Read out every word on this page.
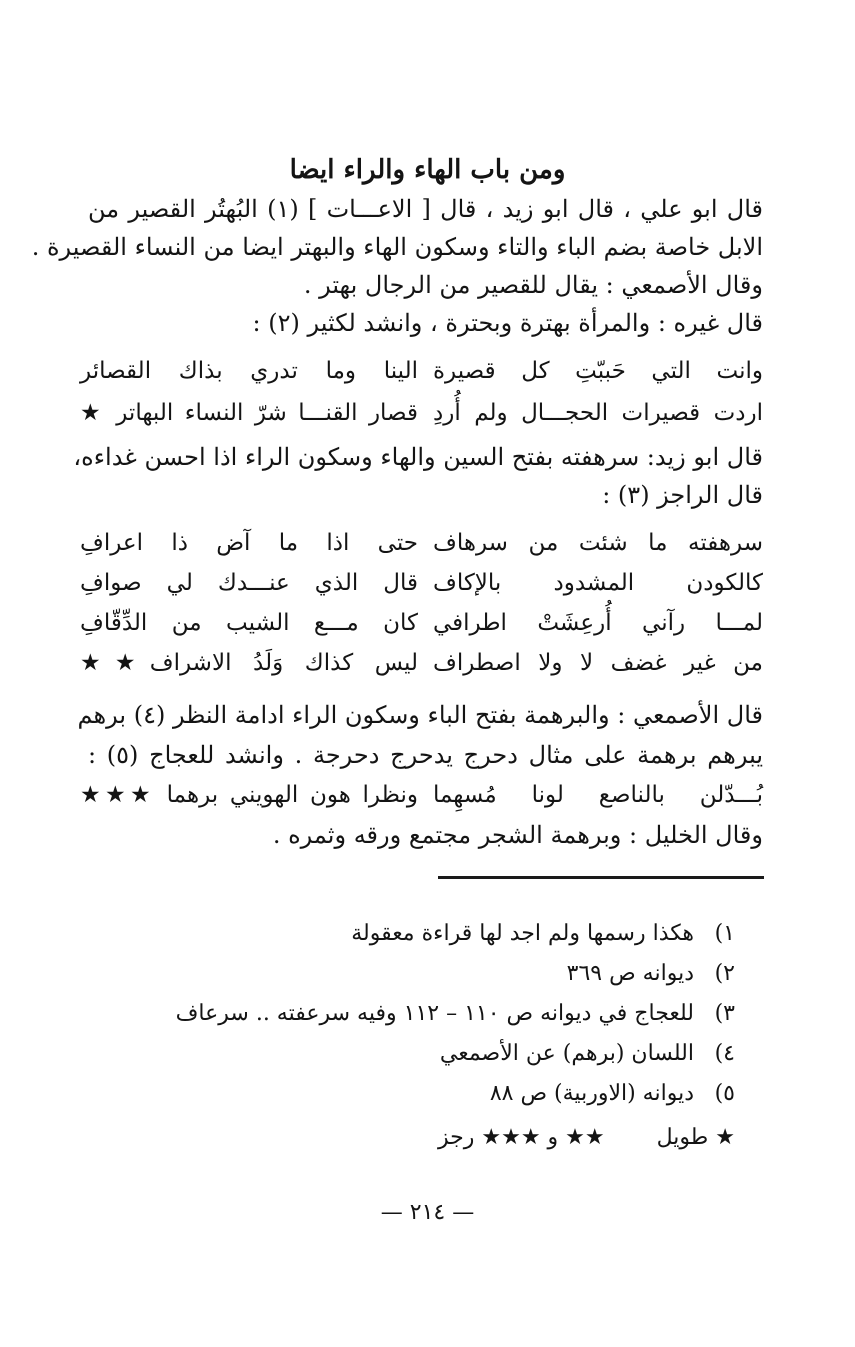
ومن باب الهاء والراء ايضا
قال ابو علي ، قال ابو زيد ، قال [ الاعـــات ] (١) البُهتُر القصير من
الابل خاصة بضم الباء والتاء وسكون الهاء والبهتر ايضا من النساء القصيرة .
وقال الأصمعي : يقال للقصير من الرجال بهتر .
قال غيره : والمرأة بهترة وبحترة ، وانشد لكثير (٢) :
وانت التي حَببّتِ كل قصيرة
الينا وما تدري بذاك القصائر
اردت قصيرات الحجـــال ولم أُردِ
قصار القنـــا شرّ النساء البهاتر ★
قال ابو زيد: سرهفته بفتح السين والهاء وسكون الراء اذا احسن غداءه،
قال الراجز (٣) :
سرهفته ما شئت من سرهاف
حتى اذا ما آض ذا اعرافِ
كالكودن المشدود بالإكاف
قال الذي عنـــدك لي صوافِ
لمـــا رآني أُرعِشَتْ اطرافي
كان مـــع الشيب من الدِّقّافِ
من غير غضف لا ولا اصطراف
ليس كذاك وَلَدُ الاشراف★★
قال الأصمعي : والبرهمة بفتح الباء وسكون الراء ادامة النظر (٤) برهم
يبرهم برهمة على مثال دحرج يدحرج دحرجة . وانشد للعجاج (٥) :
بُـــدّلن بالناصع لونا مُسهِما
ونظرا هون الهويني برهما ★★★
وقال الخليل : وبرهمة الشجر مجتمع ورقه وثمره .
١) هكذا رسمها ولم اجد لها قراءة معقولة
٢) ديوانه ص ٣٦٩
٣) للعجاج في ديوانه ص ١١٠ – ١١٢ وفيه سرعفته .. سرعاف
٤) اللسان (برهم) عن الأصمعي
٥) ديوانه (الاوربية) ص ٨٨
★ طويل  ★★ و ★★★ رجز
— ٢١٤ —
